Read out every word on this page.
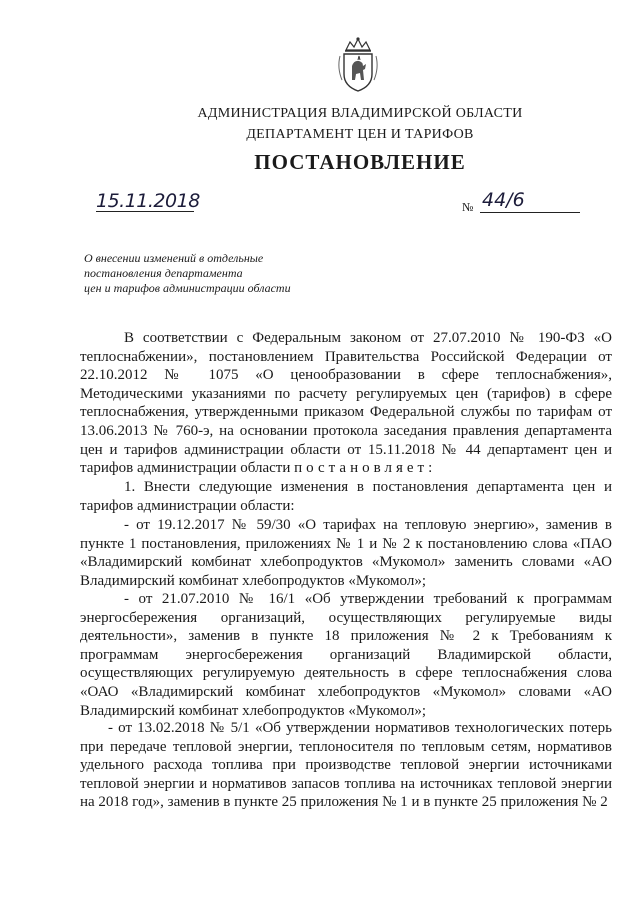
АДМИНИСТРАЦИЯ ВЛАДИМИРСКОЙ ОБЛАСТИ
ДЕПАРТАМЕНТ ЦЕН И ТАРИФОВ
ПОСТАНОВЛЕНИЕ
15.11.2018	№ 44/6
О внесении изменений в отдельные
постановления департамента
цен и тарифов администрации области
В соответствии с Федеральным законом от 27.07.2010 № 190-ФЗ «О теплоснабжении», постановлением Правительства Российской Федерации от 22.10.2012 № 1075 «О ценообразовании в сфере теплоснабжения», Методическими указаниями по расчету регулируемых цен (тарифов) в сфере теплоснабжения, утвержденными приказом Федеральной службы по тарифам от 13.06.2013 № 760-э, на основании протокола заседания правления департамента цен и тарифов администрации области от 15.11.2018 № 44 департамент цен и тарифов администрации области постановляет:
1. Внести следующие изменения в постановления департамента цен и тарифов администрации области:
- от 19.12.2017 № 59/30 «О тарифах на тепловую энергию», заменив в пункте 1 постановления, приложениях № 1 и № 2 к постановлению слова «ПАО «Владимирский комбинат хлебопродуктов «Мукомол» заменить словами «АО Владимирский комбинат хлебопродуктов «Мукомол»;
- от 21.07.2010 № 16/1 «Об утверждении требований к программам энергосбережения организаций, осуществляющих регулируемые виды деятельности», заменив в пункте 18 приложения № 2 к Требованиям к программам энергосбережения организаций Владимирской области, осуществляющих регулируемую деятельность в сфере теплоснабжения слова «ОАО «Владимирский комбинат хлебопродуктов «Мукомол» словами «АО Владимирский комбинат хлебопродуктов «Мукомол»;
- от 13.02.2018 № 5/1 «Об утверждении нормативов технологических потерь при передаче тепловой энергии, теплоносителя по тепловым сетям, нормативов удельного расхода топлива при производстве тепловой энергии источниками тепловой энергии и нормативов запасов топлива на источниках тепловой энергии на 2018 год», заменив в пункте 25 приложения № 1 и в пункте 25 приложения № 2
